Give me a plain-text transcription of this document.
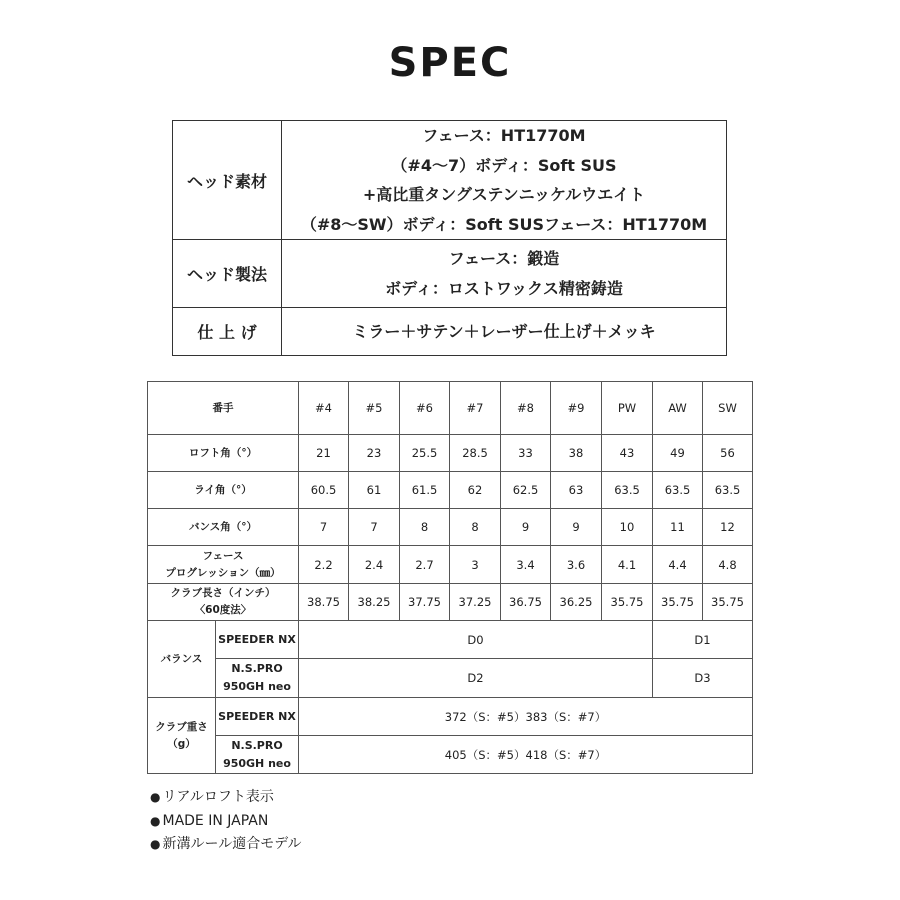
SPEC
ヘッド素材	フェース：HT1770M
（#4〜7）ボディ：Soft SUS
+高比重タングステンニッケルウエイト
（#8〜SW）ボディ：Soft SUSフェース：HT1770M

ヘッド製法	フェース：鍛造
ボディ：ロストワックス精密鋳造

仕 上 げ	ミラー＋サテン＋レーザー仕上げ＋メッキ
番手		#4	#5	#6	#7	#8	#9	PW	AW	SW
ロフト角（°）		21	23	25.5	28.5	33	38	43	49	56
ライ角（°）		60.5	61	61.5	62	62.5	63	63.5	63.5	63.5
バンス角（°）		7	7	8	8	9	9	10	11	12
フェース
プログレッション（㎜）		2.2	2.4	2.7	3	3.4	3.6	4.1	4.4	4.8
クラブ長さ（インチ）
〈60度法〉		38.75	38.25	37.75	37.25	36.75	36.25	35.75	35.75	35.75
バランス	SPEEDER NX	D0							D1	
	N.S.PRO
950GH neo	D2							D3	
クラブ重さ
（g）	SPEEDER NX	372（S：#5）383（S：#7）								
	N.S.PRO
950GH neo	405（S：#5）418（S：#7）								
● リアルロフト表示
● MADE IN JAPAN
● 新溝ルール適合モデル
